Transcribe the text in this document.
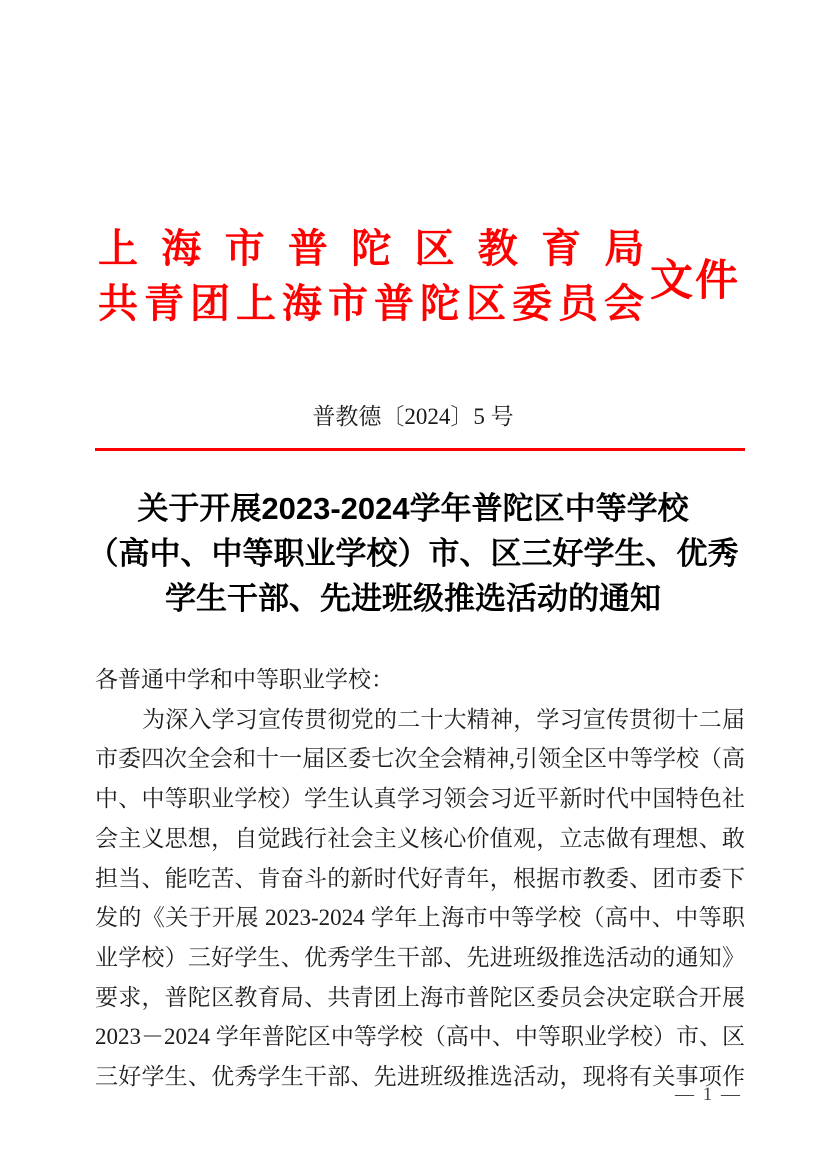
上海市普陀区教育局
共青团上海市普陀区委员会 文件
普教德〔2024〕5 号
关于开展2023-2024学年普陀区中等学校
（高中、中等职业学校）市、区三好学生、优秀
学生干部、先进班级推选活动的通知
各普通中学和中等职业学校：
为深入学习宣传贯彻党的二十大精神，学习宣传贯彻十二届
市委四次全会和十一届区委七次全会精神,引领全区中等学校（高
中、中等职业学校）学生认真学习领会习近平新时代中国特色社
会主义思想，自觉践行社会主义核心价值观，立志做有理想、敢
担当、能吃苦、肯奋斗的新时代好青年，根据市教委、团市委下
发的《关于开展 2023-2024 学年上海市中等学校（高中、中等职
业学校）三好学生、优秀学生干部、先进班级推选活动的通知》
要求，普陀区教育局、共青团上海市普陀区委员会决定联合开展
2023－2024 学年普陀区中等学校（高中、中等职业学校）市、区
三好学生、优秀学生干部、先进班级推选活动，现将有关事项作
— 1 —
